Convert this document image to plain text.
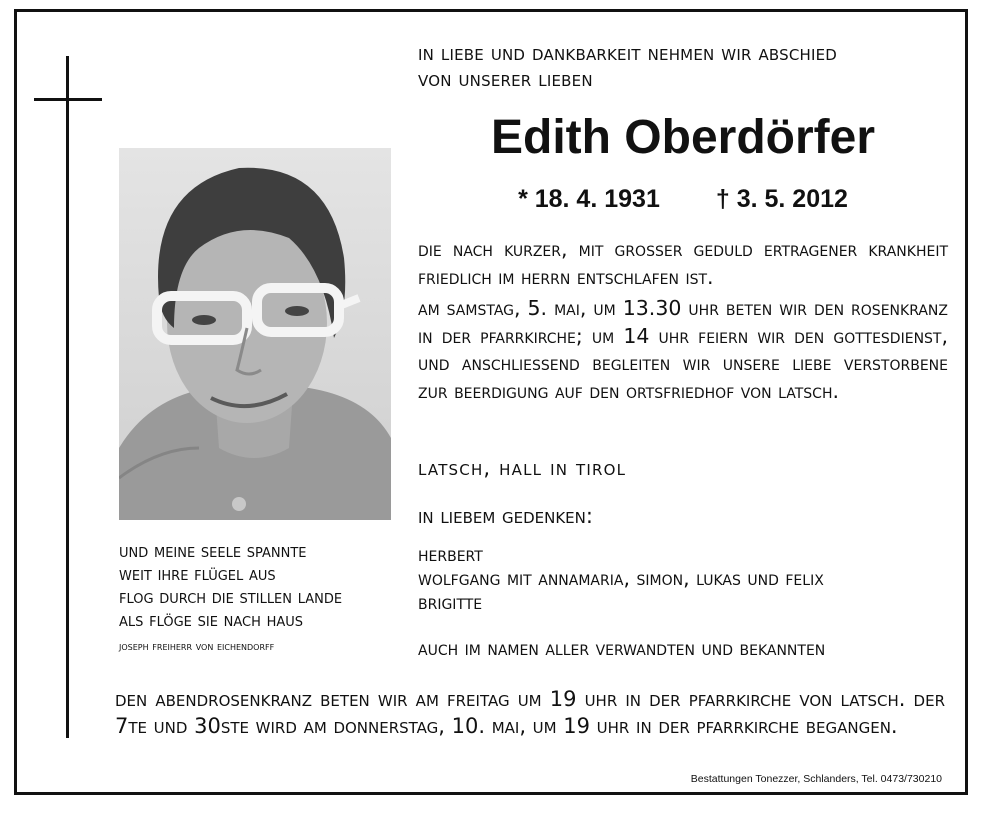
in liebe und dankbarkeit nehmen wir abschied
von unserer lieben
Edith Oberdörfer
* 18. 4. 1931 † 3. 5. 2012

die nach kurzer, mit grosser geduld ertragener krankheit friedlich im herrn entschlafen ist.

am samstag, 5. mai, um 13.30 uhr beten wir den rosenkranz in der pfarrkirche; um 14 uhr feiern wir den gottesdienst, und anschliessend begleiten wir unsere liebe verstorbene zur beerdigung auf den ortsfriedhof von latsch.

latsch, hall in tirol
in liebem gedenken:
herbert
wolfgang mit annamaria, simon, lukas und felix
brigitte
auch im namen aller verwandten und bekannten
und meine seele spannte
weit ihre flügel aus
flog durch die stillen lande
als flöge sie nach haus
joseph freiherr von eichendorff
den abendrosenkranz beten wir am freitag um 19 uhr in der pfarrkirche von latsch. der 7te und 30ste wird am donnerstag, 10. mai, um 19 uhr in der pfarrkirche begangen.
Bestattungen Tonezzer, Schlanders, Tel. 0473/730210
